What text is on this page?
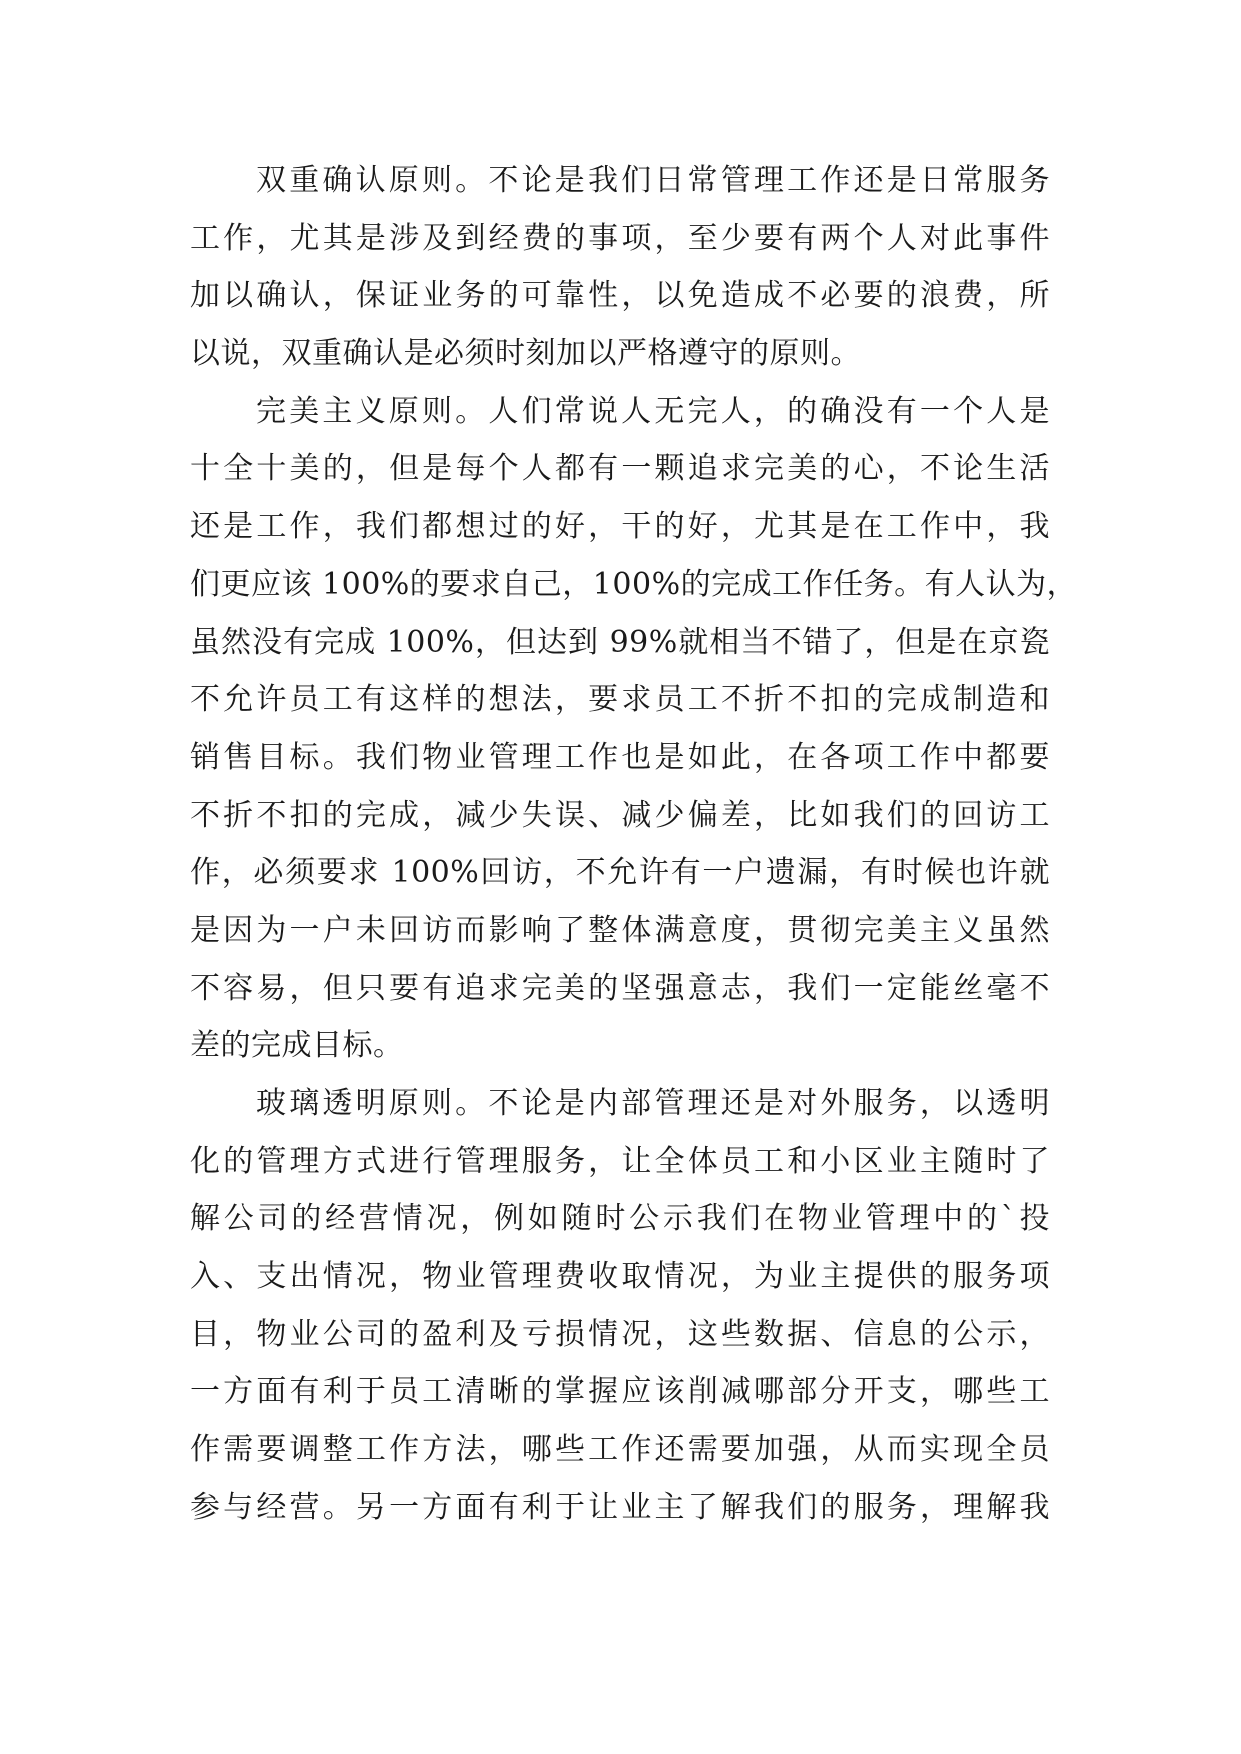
双重确认原则。不论是我们日常管理工作还是日常服务
工作，尤其是涉及到经费的事项，至少要有两个人对此事件
加以确认，保证业务的可靠性，以免造成不必要的浪费，所
以说，双重确认是必须时刻加以严格遵守的原则。
完美主义原则。人们常说人无完人，的确没有一个人是
十全十美的，但是每个人都有一颗追求完美的心，不论生活
还是工作，我们都想过的好，干的好，尤其是在工作中，我
们更应该 100%的要求自己，100%的完成工作任务。有人认为，
虽然没有完成 100%，但达到 99%就相当不错了，但是在京瓷
不允许员工有这样的想法，要求员工不折不扣的完成制造和
销售目标。我们物业管理工作也是如此，在各项工作中都要
不折不扣的完成，减少失误、减少偏差，比如我们的回访工
作，必须要求 100%回访，不允许有一户遗漏，有时候也许就
是因为一户未回访而影响了整体满意度，贯彻完美主义虽然
不容易，但只要有追求完美的坚强意志，我们一定能丝毫不
差的完成目标。
玻璃透明原则。不论是内部管理还是对外服务，以透明
化的管理方式进行管理服务，让全体员工和小区业主随时了
解公司的经营情况，例如随时公示我们在物业管理中的`投
入、支出情况，物业管理费收取情况，为业主提供的服务项
目，物业公司的盈利及亏损情况，这些数据、信息的公示，
一方面有利于员工清晰的掌握应该削减哪部分开支，哪些工
作需要调整工作方法，哪些工作还需要加强，从而实现全员
参与经营。另一方面有利于让业主了解我们的服务，理解我
